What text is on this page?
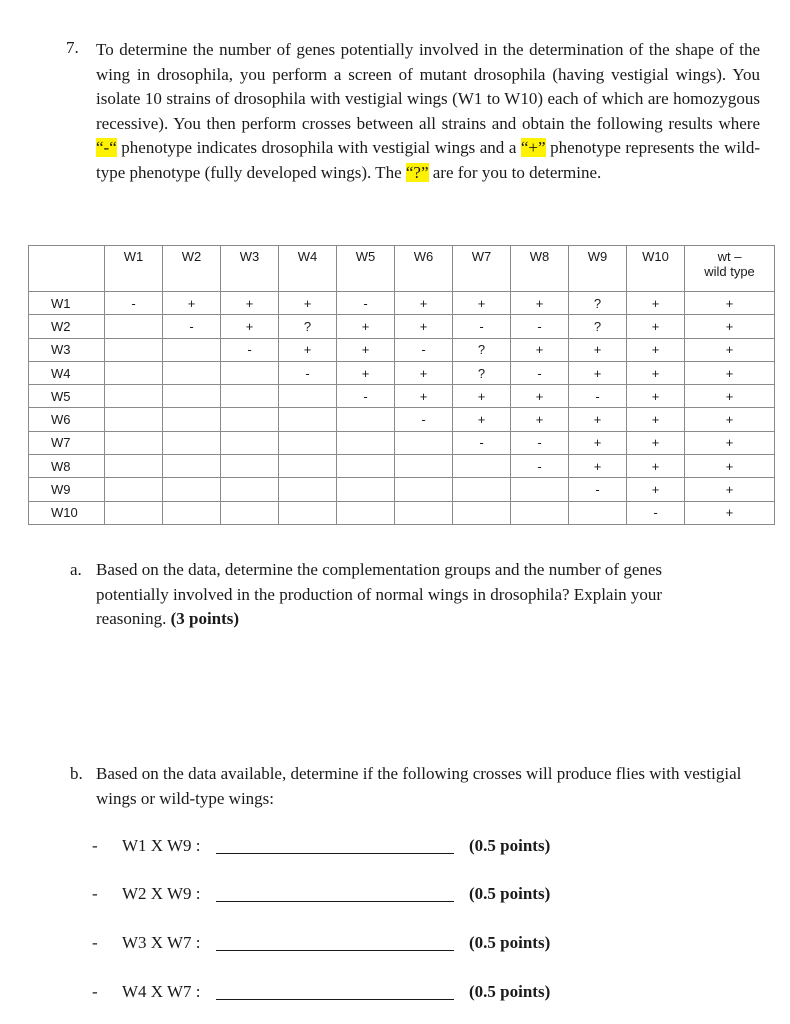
7. To determine the number of genes potentially involved in the determination of the shape of the wing in drosophila, you perform a screen of mutant drosophila (having vestigial wings). You isolate 10 strains of drosophila with vestigial wings (W1 to W10) each of which are homozygous recessive). You then perform crosses between all strains and obtain the following results where “-“ phenotype indicates drosophila with vestigial wings and a “+” phenotype represents the wild-type phenotype (fully developed wings). The “?” are for you to determine.
	W1	W2	W3	W4	W5	W6	W7	W8	W9	W10	wt –
wild type
W1	-	+	+	+	-	+	+	+	?	+	+
W2		-	+	?	+	+	-	-	?	+	+
W3			-	+	+	-	?	+	+	+	+
W4				-	+	+	?	-	+	+	+
W5					-	+	+	+	-	+	+
W6						-	+	+	+	+	+
W7							-	-	+	+	+
W8								-	+	+	+
W9									-	+	+
W10										-	+
a. Based on the data, determine the complementation groups and the number of genes potentially involved in the production of normal wings in drosophila? Explain your reasoning. (3 points)
b. Based on the data available, determine if the following crosses will produce flies with vestigial wings or wild-type wings:
- W1 X W9 :	(0.5 points)
- W2 X W9 :	(0.5 points)
- W3 X W7 :	(0.5 points)
- W4 X W7 :	(0.5 points)
